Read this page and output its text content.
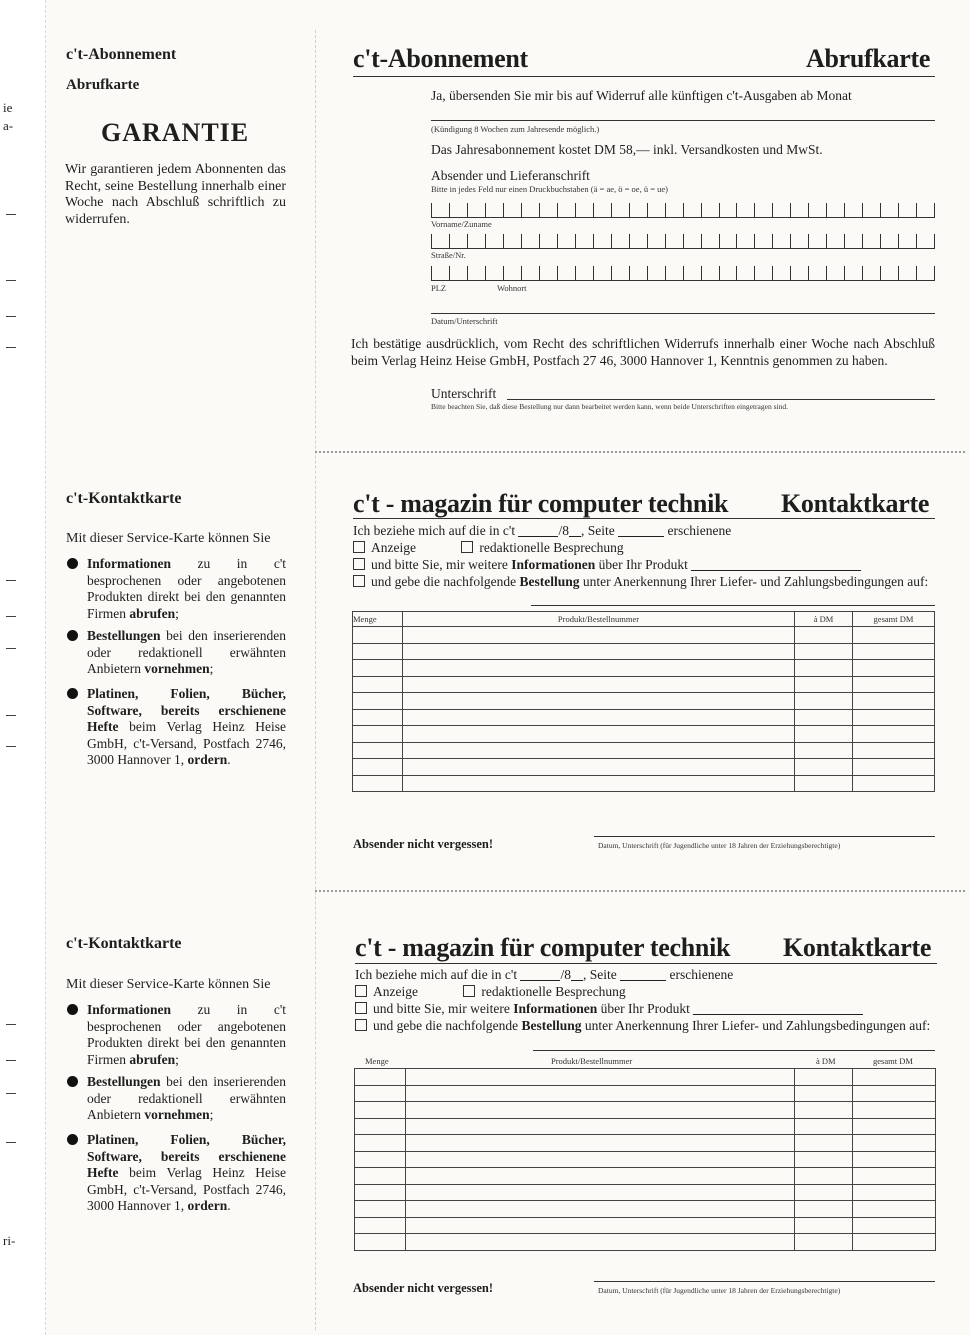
ie
a-
ri-
c't-Abonnement
Abrufkarte
GARANTIE
Wir garantieren jedem Abonnenten das Recht, seine Bestellung innerhalb einer Woche nach Abschluß schriftlich zu widerrufen.
c't-Abonnement	Abrufkarte
Ja, übersenden Sie mir bis auf Widerruf alle künftigen c't-Ausgaben ab Monat
(Kündigung 8 Wochen zum Jahresende möglich.)
Das Jahresabonnement kostet DM 58,— inkl. Versandkosten und MwSt.
Absender und Lieferanschrift
Bitte in jedes Feld nur einen Druckbuchstaben (ä = ae, ö = oe, ü = ue)
Vorname/Zuname
Straße/Nr.
PLZ	Wohnort
Datum/Unterschrift
Ich bestätige ausdrücklich, vom Recht des schriftlichen Widerrufs innerhalb einer Woche nach Abschluß beim Verlag Heinz Heise GmbH, Postfach 27 46, 3000 Hannover 1, Kenntnis genommen zu haben.
Unterschrift
Bitte beachten Sie, daß diese Bestellung nur dann bearbeitet werden kann, wenn beide Unterschriften eingetragen sind.
c't-Kontaktkarte
Mit dieser Service-Karte können Sie
Informationen zu in c't besprochenen oder angebotenen Produkten direkt bei den genannten Firmen abrufen;
Bestellungen bei den inserierenden oder redaktionell erwähnten Anbietern vornehmen;
Platinen, Folien, Bücher, Software, bereits erschienene Hefte beim Verlag Heinz Heise GmbH, c't-Versand, Postfach 2746, 3000 Hannover 1, ordern.
c't - magazin für computer technik Kontaktkarte
Ich beziehe mich auf die in c't	/8 , Seite	erschienene
Anzeige	redaktionelle Besprechung
und bitte Sie, mir weitere Informationen über Ihr Produkt
und gebe die nachfolgende Bestellung unter Anerkennung Ihrer Liefer- und Zahlungsbedingungen auf:
Menge	Produkt/Bestellnummer	à DM	gesamt DM

Absender nicht vergessen!	Datum, Unterschrift (für Jugendliche unter 18 Jahren der Erziehungsberechtigte)
c't-Kontaktkarte
Mit dieser Service-Karte können Sie
Informationen zu in c't besprochenen oder angebotenen Produkten direkt bei den genannten Firmen abrufen;
Bestellungen bei den inserierenden oder redaktionell erwähnten Anbietern vornehmen;
Platinen, Folien, Bücher, Software, bereits erschienene Hefte beim Verlag Heinz Heise GmbH, c't-Versand, Postfach 2746, 3000 Hannover 1, ordern.
c't - magazin für computer technik Kontaktkarte
Ich beziehe mich auf die in c't	/8 , Seite	erschienene
Anzeige	redaktionelle Besprechung
und bitte Sie, mir weitere Informationen über Ihr Produkt
und gebe die nachfolgende Bestellung unter Anerkennung Ihrer Liefer- und Zahlungsbedingungen auf:
Menge	Produkt/Bestellnummer	à DM	gesamt DM

Absender nicht vergessen!	Datum, Unterschrift (für Jugendliche unter 18 Jahren der Erziehungsberechtigte)
